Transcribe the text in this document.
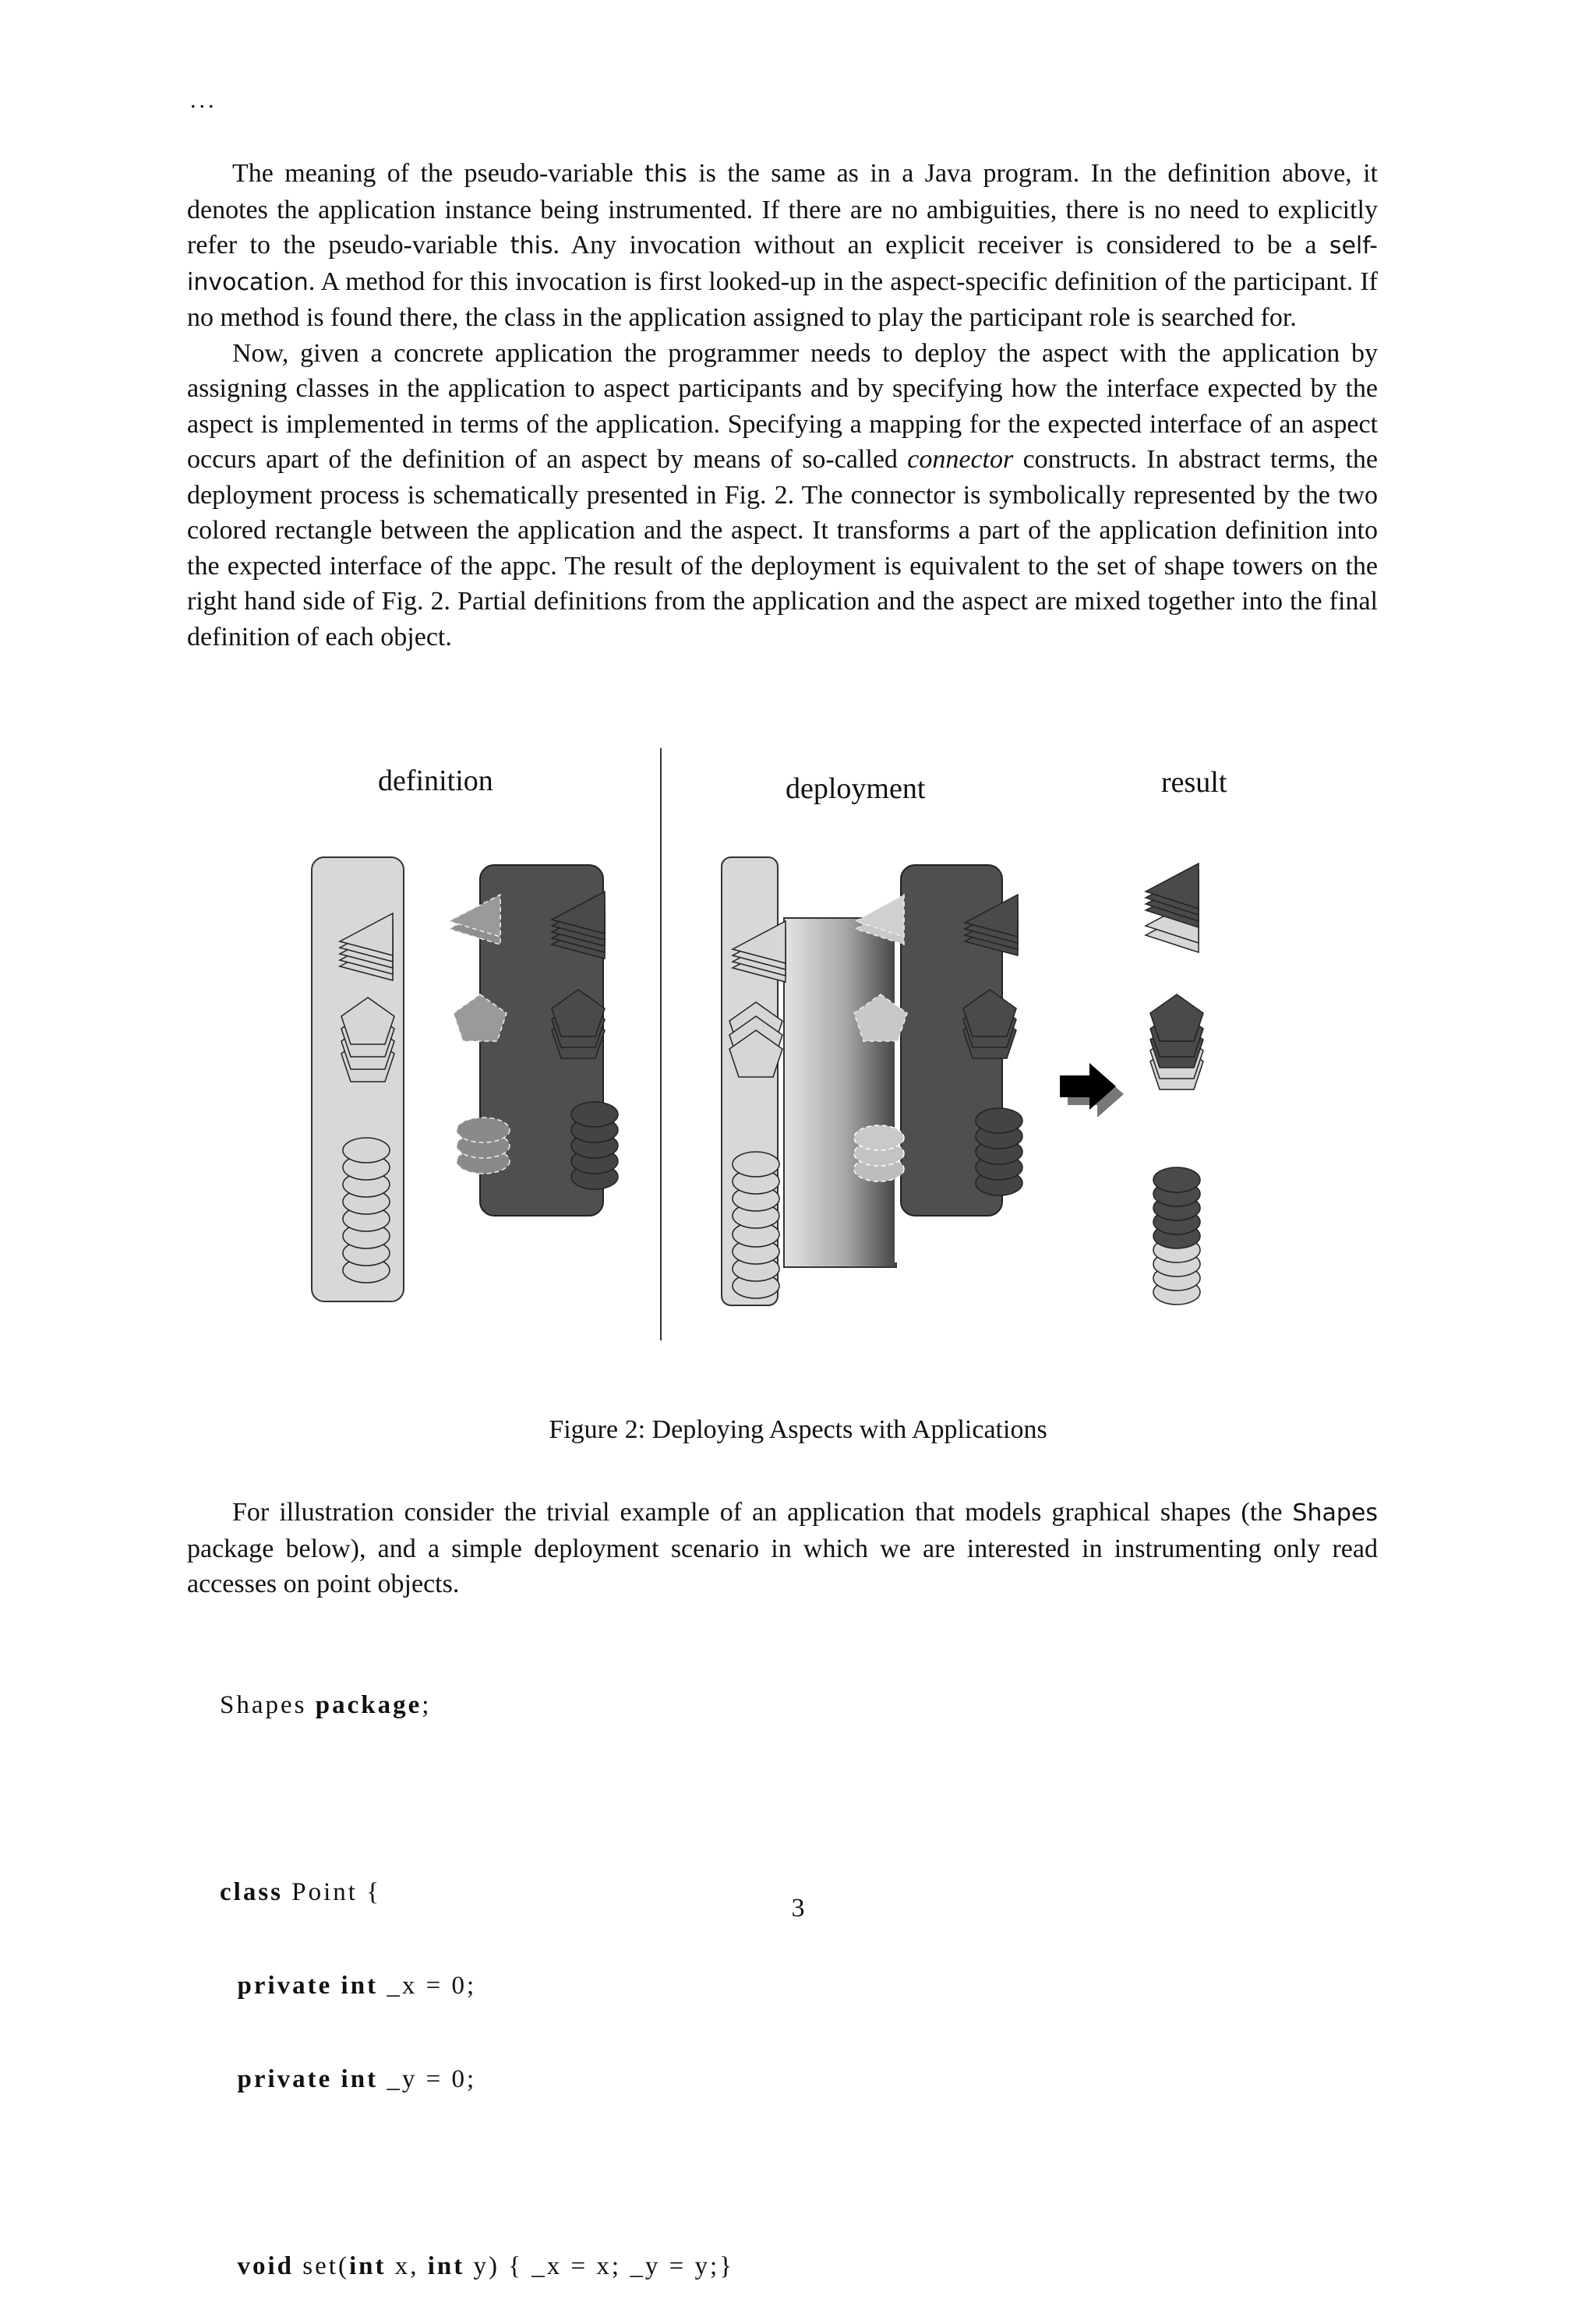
...

The meaning of the pseudo-variable this is the same as in a Java program. In the definition above, it denotes the application instance being instrumented. If there are no ambiguities, there is no need to explicitly refer to the pseudo-variable this. Any invocation without an explicit receiver is considered to be a self-invocation. A method for this invocation is first looked-up in the aspect-specific definition of the participant. If no method is found there, the class in the application assigned to play the participant role is searched for.

Now, given a concrete application the programmer needs to deploy the aspect with the application by assigning classes in the application to aspect participants and by specifying how the interface expected by the aspect is implemented in terms of the application. Specifying a mapping for the expected interface of an aspect occurs apart of the definition of an aspect by means of so-called connector constructs. In abstract terms, the deployment process is schematically presented in Fig. 2. The connector is symbolically represented by the two colored rectangle between the application and the aspect. It transforms a part of the application definition into the expected interface of the appc. The result of the deployment is equivalent to the set of shape towers on the right hand side of Fig. 2. Partial definitions from the application and the aspect are mixed together into the final definition of each object.

definition	deployment	result
Figure 2: Deploying Aspects with Applications

For illustration consider the trivial example of an application that models graphical shapes (the Shapes package below), and a simple deployment scenario in which we are interested in instrumenting only read accesses on point objects.

Shapes package;

class Point {

private int _x = 0;

private int _y = 0;

void set(int x, int y) { _x = x; _y = y;}

3
